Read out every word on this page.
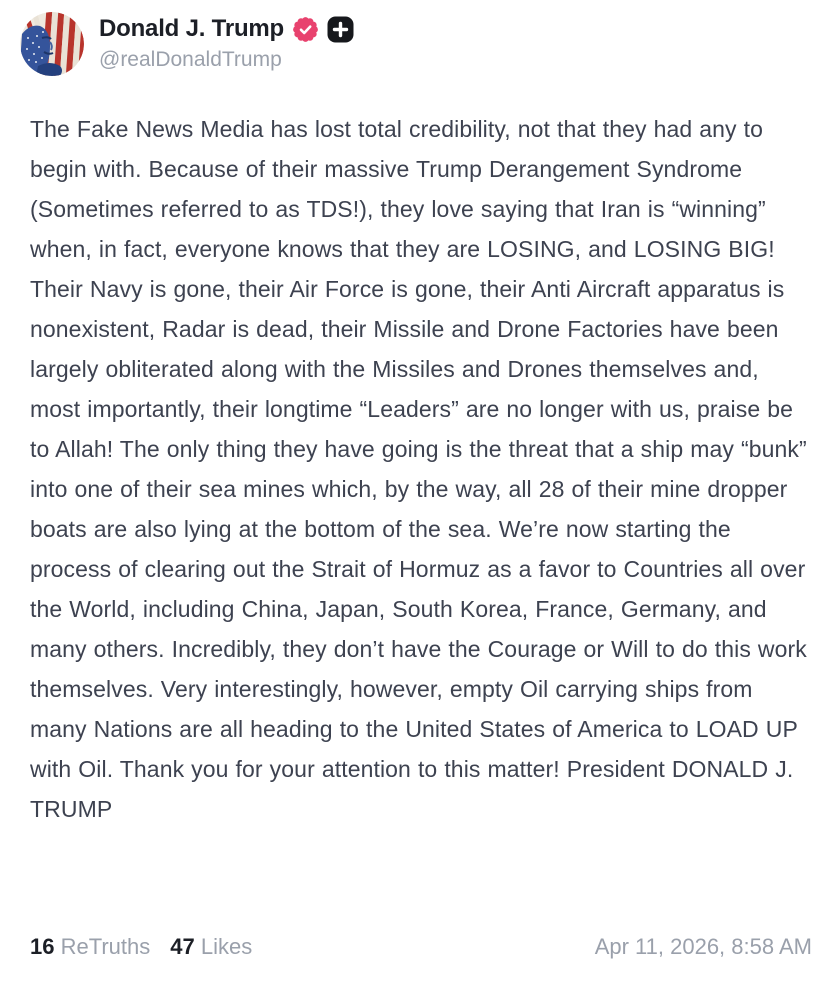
Donald J. Trump
@realDonaldTrump
The Fake News Media has lost total credibility, not that they had any to begin with. Because of their massive Trump Derangement Syndrome (Sometimes referred to as TDS!), they love saying that Iran is “winning” when, in fact, everyone knows that they are LOSING, and LOSING BIG! Their Navy is gone, their Air Force is gone, their Anti Aircraft apparatus is nonexistent, Radar is dead, their Missile and Drone Factories have been largely obliterated along with the Missiles and Drones themselves and, most importantly, their longtime “Leaders” are no longer with us, praise be to Allah! The only thing they have going is the threat that a ship may “bunk” into one of their sea mines which, by the way, all 28 of their mine dropper boats are also lying at the bottom of the sea. We’re now starting the process of clearing out the Strait of Hormuz as a favor to Countries all over the World, including China, Japan, South Korea, France, Germany, and many others. Incredibly, they don’t have the Courage or Will to do this work themselves. Very interestingly, however, empty Oil carrying ships from many Nations are all heading to the United States of America to LOAD UP with Oil. Thank you for your attention to this matter! President DONALD J. TRUMP
16 ReTruths 47 Likes	Apr 11, 2026, 8:58 AM
